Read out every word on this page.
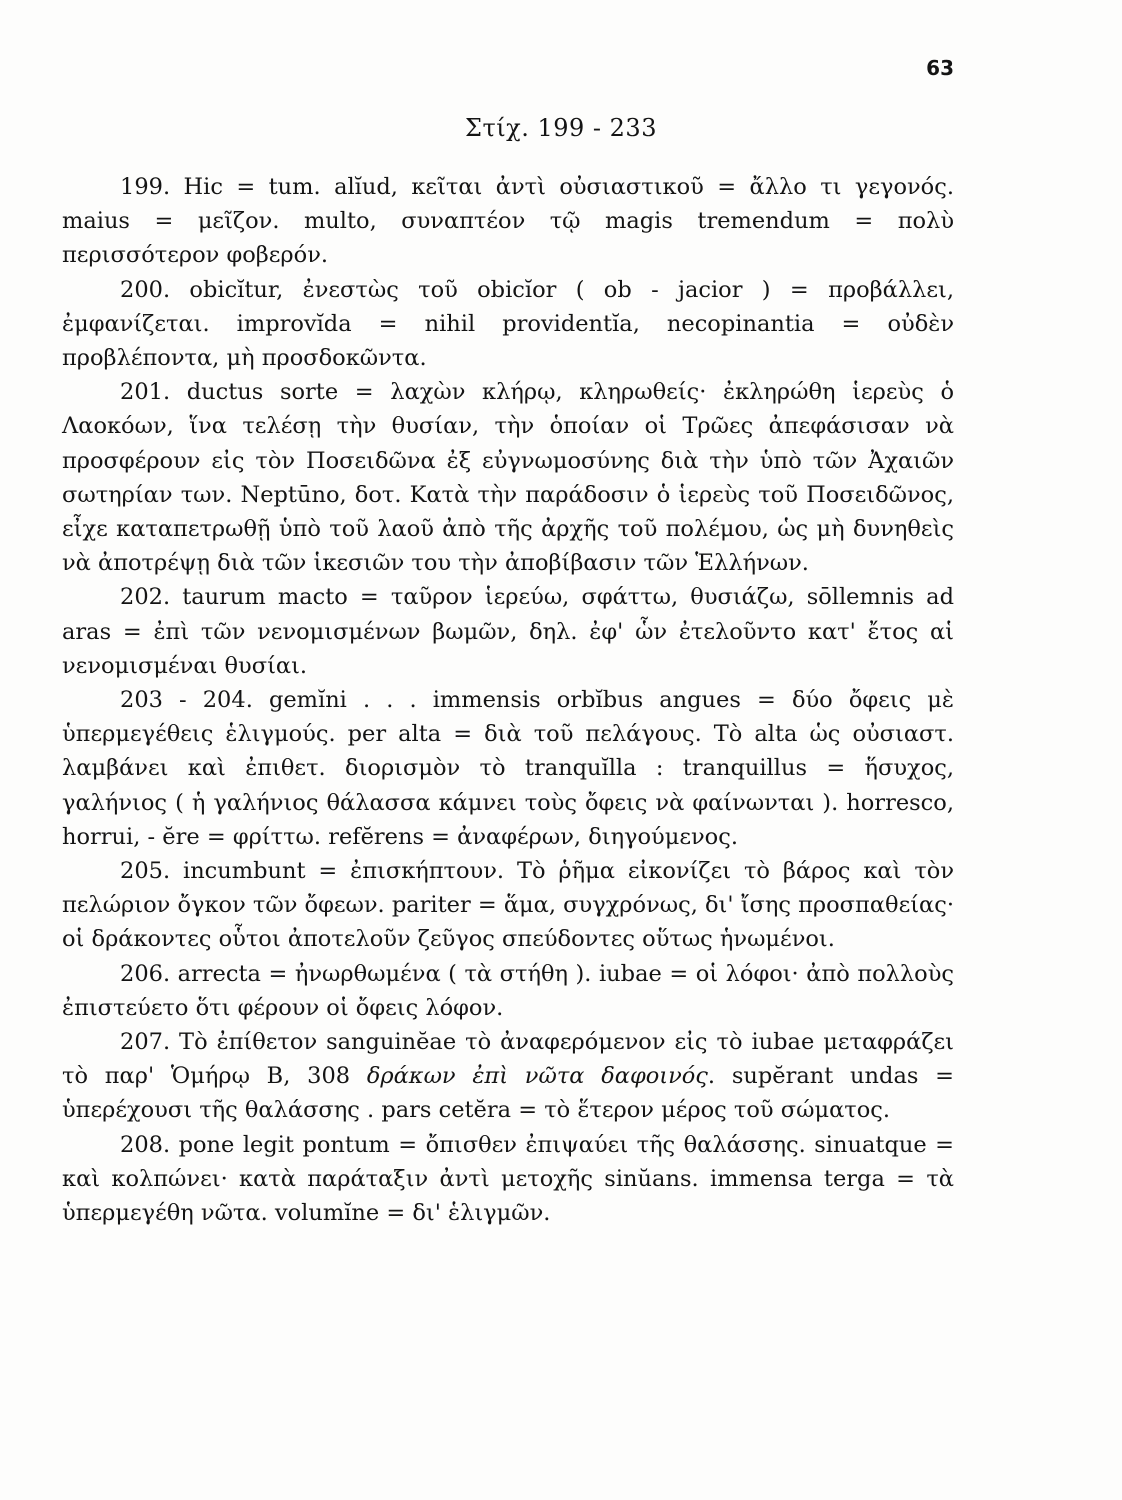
63
Στίχ. 199 - 233

199. Hic = tum. alĭud, κεῖται ἀντὶ οὐσιαστικοῦ = ἄλλο τι γεγονός. maius = μεῖζον. multo, συναπτέον τῷ magis tremendum = πολὺ περισσότερον φοβερόν.

200. obicĭtur, ἐνεστὼς τοῦ obicĭor ( ob - jacior ) = προβάλλει, ἐμφανίζεται. improvĭda = nihil providentĭa, necopinantia = οὐδὲν προβλέποντα, μὴ προσδοκῶντα.

201. ductus sorte = λαχὼν κλήρῳ, κληρωθείς· ἐκληρώθη ἱερεὺς ὁ Λαοκόων, ἵνα τελέσῃ τὴν θυσίαν, τὴν ὁποίαν οἱ Τρῶες ἀπεφάσισαν νὰ προσφέρουν εἰς τὸν Ποσειδῶνα ἐξ εὐγνωμοσύνης διὰ τὴν ὑπὸ τῶν Ἀχαιῶν σωτηρίαν των. Neptūno, δοτ. Κατὰ τὴν παράδοσιν ὁ ἱερεὺς τοῦ Ποσειδῶνος, εἶχε καταπετρωθῇ ὑπὸ τοῦ λαοῦ ἀπὸ τῆς ἀρχῆς τοῦ πολέμου, ὡς μὴ δυνηθεὶς νὰ ἀποτρέψῃ διὰ τῶν ἱκεσιῶν του τὴν ἀποβίβασιν τῶν Ἑλλήνων.

202. taurum macto = ταῦρον ἱερεύω, σφάττω, θυσιάζω, sōllemnis ad aras = ἐπὶ τῶν νενομισμένων βωμῶν, δηλ. ἐφ' ὧν ἐτελοῦντο κατ' ἔτος αἱ νενομισμέναι θυσίαι.

203 - 204. gemĭni . . . immensis orbĭbus angues = δύο ὄφεις μὲ ὑπερμεγέθεις ἑλιγμούς. per alta = διὰ τοῦ πελάγους. Τὸ alta ὡς οὐσιαστ. λαμβάνει καὶ ἐπιθετ. διορισμὸν τὸ tranquĭlla : tranquillus = ἥσυχος, γαλήνιος ( ἡ γαλήνιος θάλασσα κάμνει τοὺς ὄφεις νὰ φαίνωνται ). horresco, horrui, - ĕre = φρίττω. refĕrens = ἀναφέρων, διηγούμενος.

205. incumbunt = ἐπισκήπτουν. Τὸ ῥῆμα εἰκονίζει τὸ βάρος καὶ τὸν πελώριον ὄγκον τῶν ὄφεων. pariter = ἅμα, συγχρόνως, δι' ἴσης προσπαθείας· οἱ δράκοντες οὗτοι ἀποτελοῦν ζεῦγος σπεύδοντες οὕτως ἡνωμένοι.

206. arrecta = ἠνωρθωμένα ( τὰ στήθη ). iubae = οἱ λόφοι· ἀπὸ πολλοὺς ἐπιστεύετο ὅτι φέρουν οἱ ὄφεις λόφον.

207. Τὸ ἐπίθετον sanguinĕae τὸ ἀναφερόμενον εἰς τὸ iubae μεταφράζει τὸ παρ' Ὁμήρῳ Β, 308 δράκων ἐπὶ νῶτα δαφοινός. supĕrant undas = ὑπερέχουσι τῆς θαλάσσης . pars cetĕra = τὸ ἕτερον μέρος τοῦ σώματος.

208. pone legit pontum = ὄπισθεν ἐπιψαύει τῆς θαλάσσης. sinuatque = καὶ κολπώνει· κατὰ παράταξιν ἀντὶ μετοχῆς sinŭans. immensa terga = τὰ ὑπερμεγέθη νῶτα. volumĭne = δι' ἑλιγμῶν.
